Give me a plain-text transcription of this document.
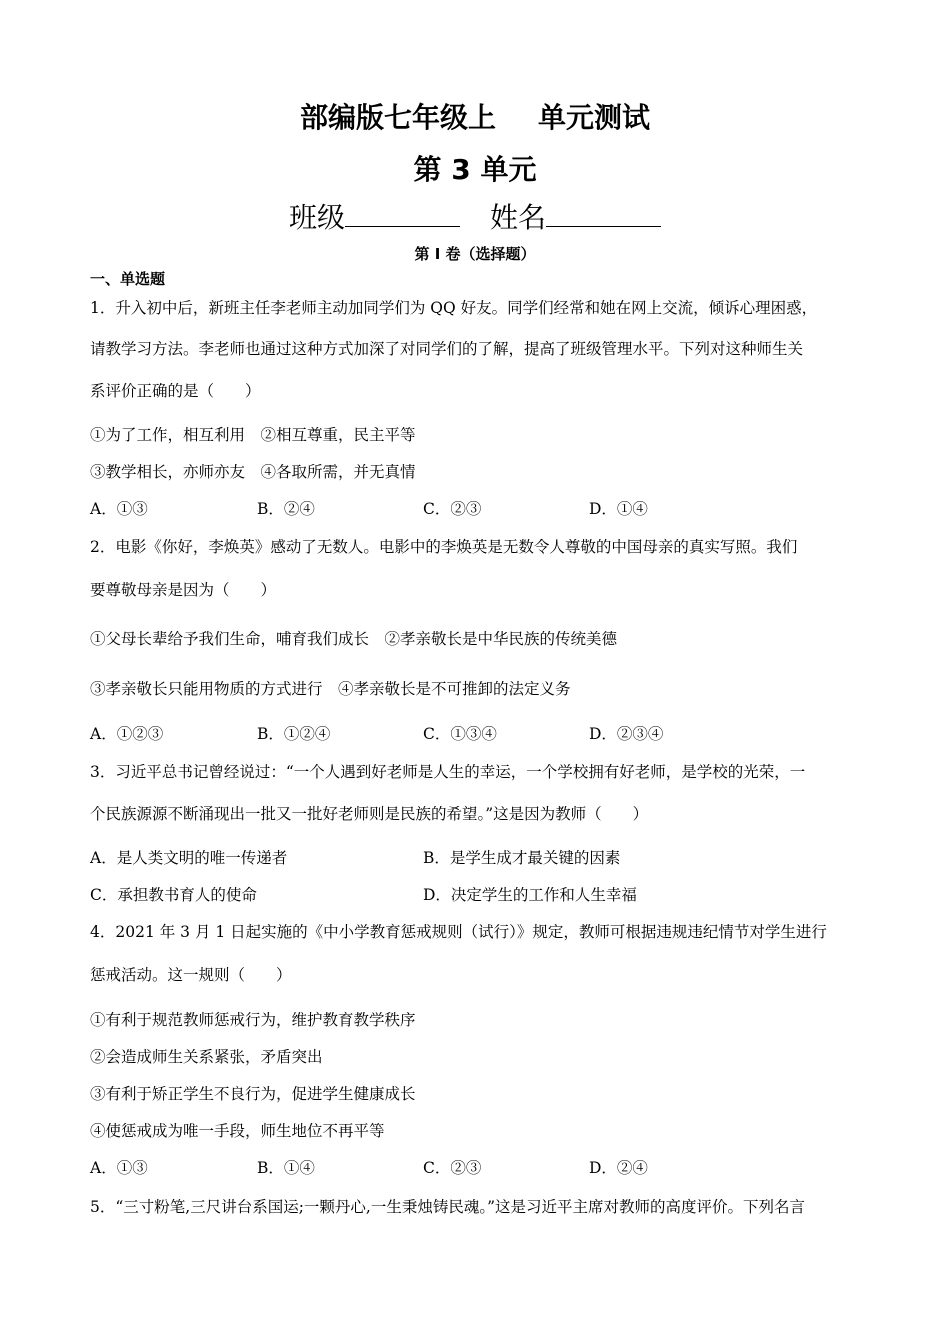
部编版七年级上 单元测试
第 3 单元
班级	姓名
第 I 卷（选择题）
一、单选题
1．升入初中后，新班主任李老师主动加同学们为 QQ 好友。同学们经常和她在网上交流，倾诉心理困惑，
请教学习方法。李老师也通过这种方式加深了对同学们的了解，提高了班级管理水平。下列对这种师生关
系评价正确的是（　　）
①为了工作，相互利用　②相互尊重，民主平等
③教学相长，亦师亦友　④各取所需，并无真情
A．①③	B．②④	C．②③	D．①④
2．电影《你好，李焕英》感动了无数人。电影中的李焕英是无数令人尊敬的中国母亲的真实写照。我们
要尊敬母亲是因为（　　）
①父母长辈给予我们生命，哺育我们成长　②孝亲敬长是中华民族的传统美德
③孝亲敬长只能用物质的方式进行　④孝亲敬长是不可推卸的法定义务
A．①②③	B．①②④	C．①③④	D．②③④
3．习近平总书记曾经说过：“一个人遇到好老师是人生的幸运，一个学校拥有好老师，是学校的光荣，一
个民族源源不断涌现出一批又一批好老师则是民族的希望。”这是因为教师（　　）
A．是人类文明的唯一传递者	B．是学生成才最关键的因素
C．承担教书育人的使命	D．决定学生的工作和人生幸福
4．2021 年 3 月 1 日起实施的《中小学教育惩戒规则（试行）》规定，教师可根据违规违纪情节对学生进行
惩戒活动。这一规则（　　）
①有利于规范教师惩戒行为，维护教育教学秩序
②会造成师生关系紧张，矛盾突出
③有利于矫正学生不良行为，促进学生健康成长
④使惩戒成为唯一手段，师生地位不再平等
A．①③	B．①④	C．②③	D．②④
5．“三寸粉笔,三尺讲台系国运;一颗丹心,一生秉烛铸民魂。”这是习近平主席对教师的高度评价。下列名言
